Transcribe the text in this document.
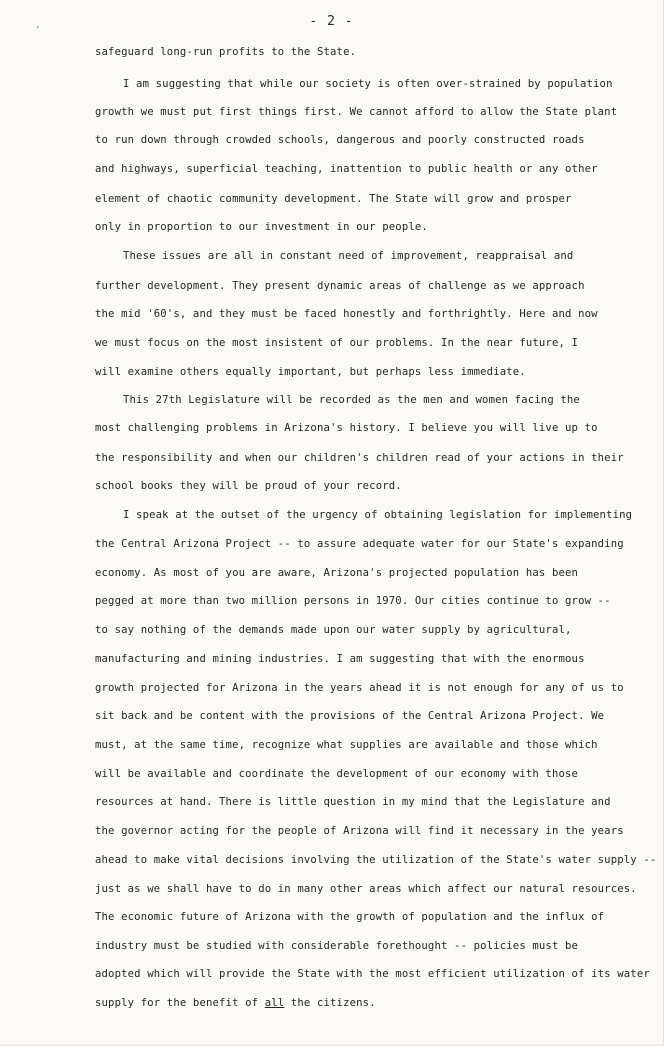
’
- 2 -
safeguard long-run profits to the State.
I am suggesting that while our society is often over-strained by population
growth we must put first things first. We cannot afford to allow the State plant
to run down through crowded schools, dangerous and poorly constructed roads
and highways, superficial teaching, inattention to public health or any other
element of chaotic community development. The State will grow and prosper
only in proportion to our investment in our people.
These issues are all in constant need of improvement, reappraisal and
further development. They present dynamic areas of challenge as we approach
the mid '60's, and they must be faced honestly and forthrightly. Here and now
we must focus on the most insistent of our problems. In the near future, I
will examine others equally important, but perhaps less immediate.
This 27th Legislature will be recorded as the men and women facing the
most challenging problems in Arizona's history. I believe you will live up to
the responsibility and when our children's children read of your actions in their
school books they will be proud of your record.
I speak at the outset of the urgency of obtaining legislation for implementing
the Central Arizona Project -- to assure adequate water for our State's expanding
economy. As most of you are aware, Arizona's projected population has been
pegged at more than two million persons in 1970. Our cities continue to grow --
to say nothing of the demands made upon our water supply by agricultural,
manufacturing and mining industries. I am suggesting that with the enormous
growth projected for Arizona in the years ahead it is not enough for any of us to
sit back and be content with the provisions of the Central Arizona Project. We
must, at the same time, recognize what supplies are available and those which
will be available and coordinate the development of our economy with those
resources at hand. There is little question in my mind that the Legislature and
the governor acting for the people of Arizona will find it necessary in the years
ahead to make vital decisions involving the utilization of the State's water supply --
just as we shall have to do in many other areas which affect our natural resources.
The economic future of Arizona with the growth of population and the influx of
industry must be studied with considerable forethought -- policies must be
adopted which will provide the State with the most efficient utilization of its water
supply for the benefit of all the citizens.
